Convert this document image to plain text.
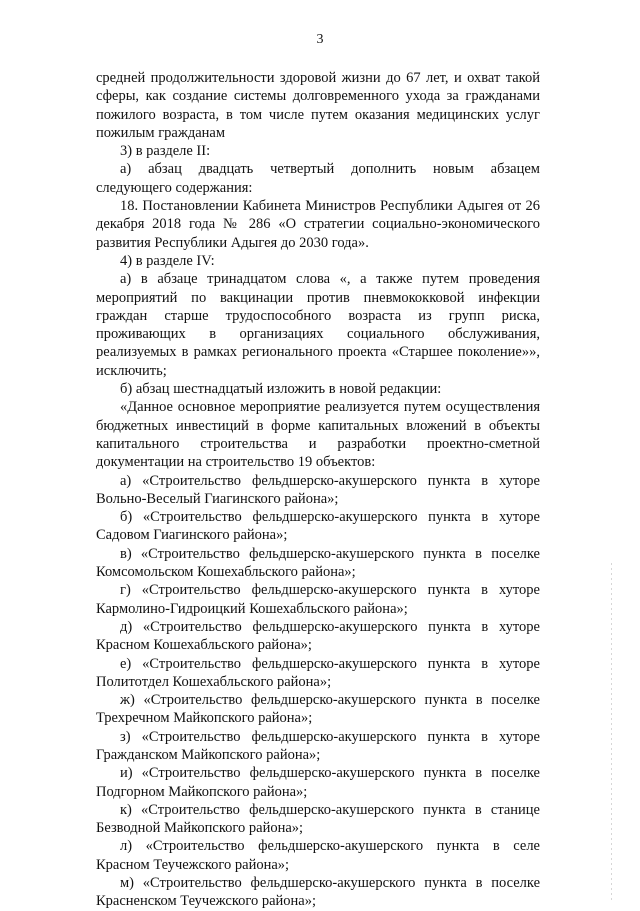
3

средней продолжительности здоровой жизни до 67 лет, и охват такой сферы, как создание системы долговременного ухода за гражданами пожилого возраста, в том числе путем оказания медицинских услуг пожилым гражданам

3) в разделе II:

а) абзац двадцать четвертый дополнить новым абзацем следующего содержания:

18. Постановлении Кабинета Министров Республики Адыгея от 26 декабря 2018 года № 286 «О стратегии социально-экономического развития Республики Адыгея до 2030 года».

4) в разделе IV:

а) в абзаце тринадцатом слова «, а также путем проведения мероприятий по вакцинации против пневмококковой инфекции граждан старше трудоспособного возраста из групп риска, проживающих в организациях социального обслуживания, реализуемых в рамках регионального проекта «Старшее поколение»», исключить;

б) абзац шестнадцатый изложить в новой редакции:

«Данное основное мероприятие реализуется путем осуществления бюджетных инвестиций в форме капитальных вложений в объекты капитального строительства и разработки проектно-сметной документации на строительство 19 объектов:

а) «Строительство фельдшерско-акушерского пункта в хуторе Вольно-Веселый Гиагинского района»;

б) «Строительство фельдшерско-акушерского пункта в хуторе Садовом Гиагинского района»;

в) «Строительство фельдшерско-акушерского пункта в поселке Комсомольском Кошехабльского района»;

г) «Строительство фельдшерско-акушерского пункта в хуторе Кармолино-Гидроицкий Кошехабльского района»;

д) «Строительство фельдшерско-акушерского пункта в хуторе Красном Кошехабльского района»;

е) «Строительство фельдшерско-акушерского пункта в хуторе Политотдел Кошехабльского района»;

ж) «Строительство фельдшерско-акушерского пункта в поселке Трехречном Майкопского района»;

з) «Строительство фельдшерско-акушерского пункта в хуторе Гражданском Майкопского района»;

и) «Строительство фельдшерско-акушерского пункта в поселке Подгорном Майкопского района»;

к) «Строительство фельдшерско-акушерского пункта в станице Безводной Майкопского района»;

л) «Строительство фельдшерско-акушерского пункта в селе Красном Теучежского района»;

м) «Строительство фельдшерско-акушерского пункта в поселке Красненском Теучежского района»;
